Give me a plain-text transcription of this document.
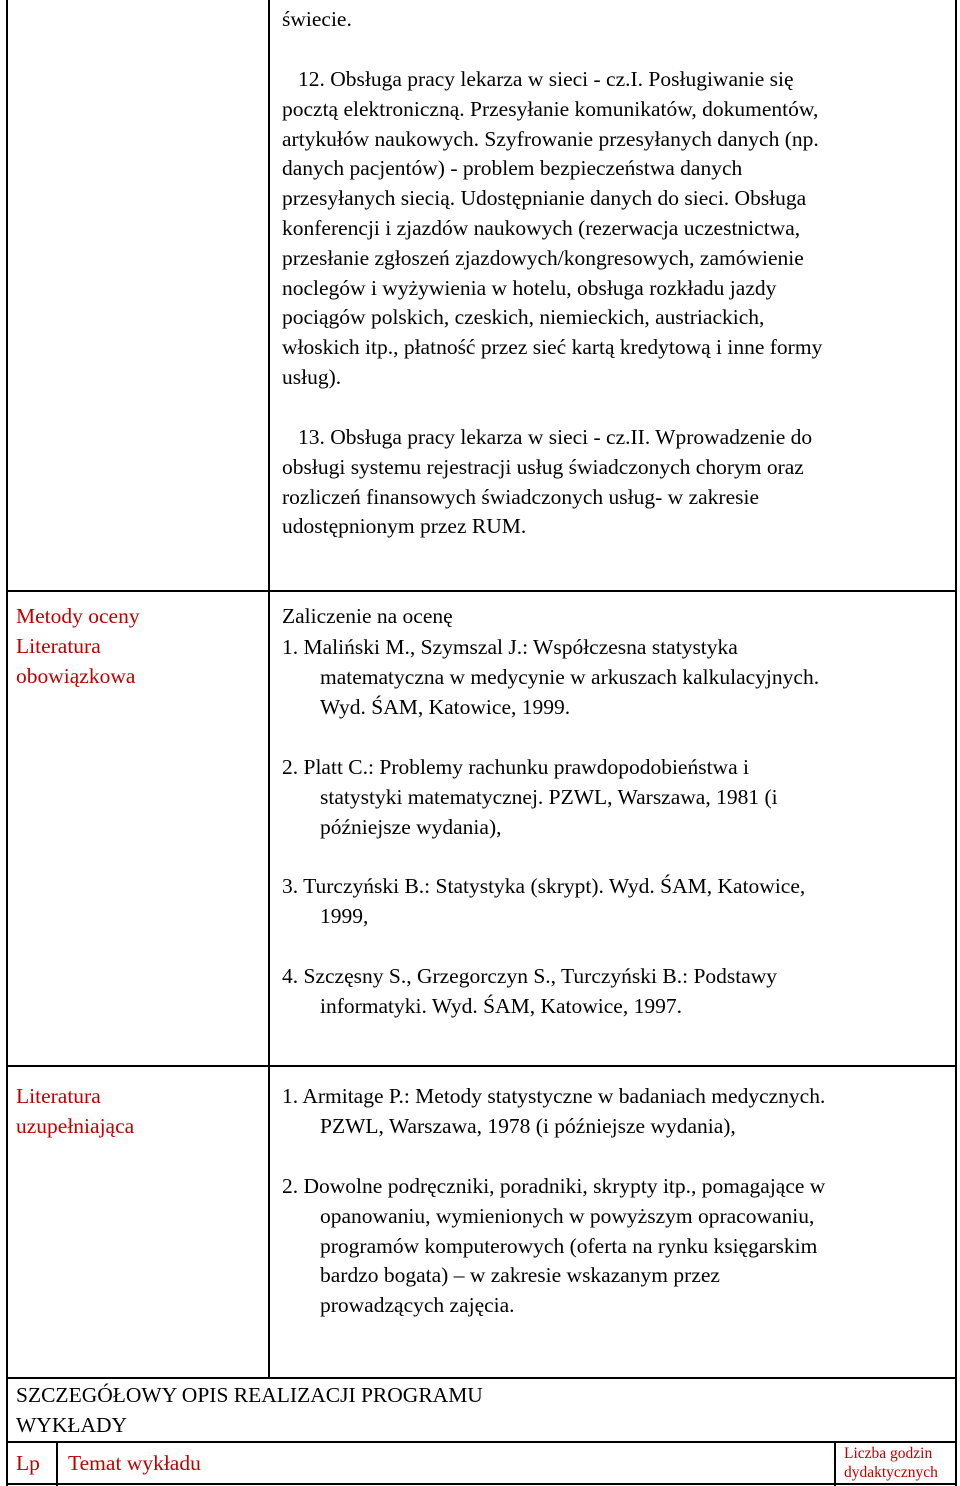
świecie.
12. Obsługa pracy lekarza w sieci - cz.I. Posługiwanie się
pocztą elektroniczną. Przesyłanie komunikatów, dokumentów,
artykułów naukowych. Szyfrowanie przesyłanych danych (np.
danych pacjentów) - problem bezpieczeństwa danych
przesyłanych siecią. Udostępnianie danych do sieci. Obsługa
konferencji i zjazdów naukowych (rezerwacja uczestnictwa,
przesłanie zgłoszeń zjazdowych/kongresowych, zamówienie
noclegów i wyżywienia w hotelu, obsługa rozkładu jazdy
pociągów polskich, czeskich, niemieckich, austriackich,
włoskich itp., płatność przez sieć kartą kredytową i inne formy
usług).
13. Obsługa pracy lekarza w sieci - cz.II. Wprowadzenie do
obsługi systemu rejestracji usług świadczonych chorym oraz
rozliczeń finansowych świadczonych usług- w zakresie
udostępnionym przez RUM.
Metody oceny
Literatura
obowiązkowa
Zaliczenie na ocenę
1. Maliński M., Szymszal J.: Współczesna statystyka
matematyczna w medycynie w arkuszach kalkulacyjnych.
Wyd. ŚAM, Katowice, 1999.
2. Platt C.: Problemy rachunku prawdopodobieństwa i
statystyki matematycznej. PZWL, Warszawa, 1981 (i
późniejsze wydania),
3. Turczyński B.: Statystyka (skrypt). Wyd. ŚAM, Katowice,
1999,
4. Szczęsny S., Grzegorczyn S., Turczyński B.: Podstawy
informatyki. Wyd. ŚAM, Katowice, 1997.
Literatura
uzupełniająca
1. Armitage P.: Metody statystyczne w badaniach medycznych.
PZWL, Warszawa, 1978 (i późniejsze wydania),
2. Dowolne podręczniki, poradniki, skrypty itp., pomagające w
opanowaniu, wymienionych w powyższym opracowaniu,
programów komputerowych (oferta na rynku księgarskim
bardzo bogata) – w zakresie wskazanym przez
prowadzących zajęcia.
SZCZEGÓŁOWY OPIS REALIZACJI PROGRAMU
WYKŁADY
Lp Temat wykładu	Liczba godzin
dydaktycznych
